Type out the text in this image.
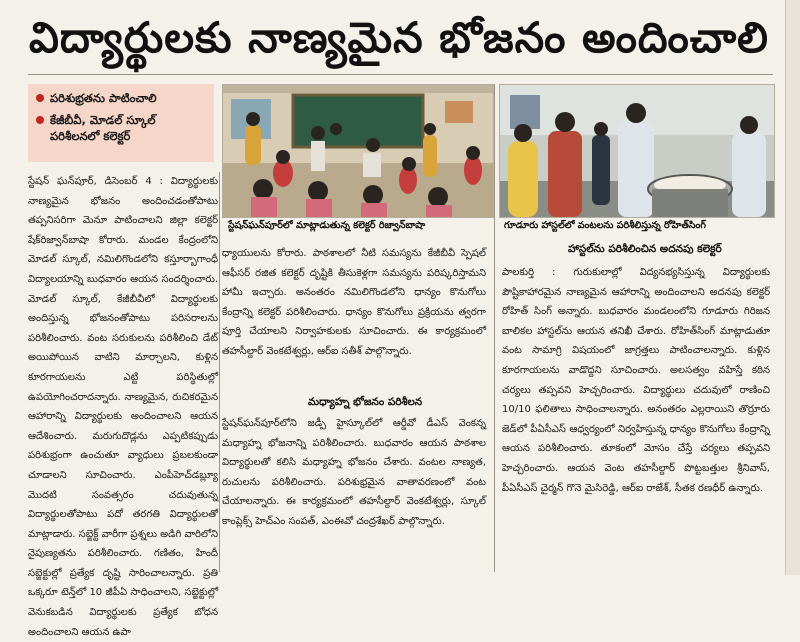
విద్యార్థులకు నాణ్యమైన భోజనం అందించాలి
పరిశుభ్రతను పాటించాలి
కేజీబీవీ, మోడల్ స్కూల్ పరిశీలనలో కలెక్టర్
స్టేషన్‌ఘన్‌పూర్‌లో మాట్లాడుతున్న కలెక్టర్ రిజ్వాన్‌బాషా	గూడూరు హాస్టల్‌లో వంటలను పరిశీలిస్తున్న రోహిత్‌సింగ్

స్టేషన్ ఘన్‌పూర్, డిసెంబర్ 4 : విద్యార్థులకు నాణ్యమైన భోజనం అందించడంతోపాటు తప్పనిసరిగా మెనూ పాటించాలని జిల్లా కలెక్టర్ షేక్‌రిజ్వాన్‌బాషా కోరారు. మండల కేంద్రంలోని మోడల్ స్కూల్, నమిలిగొండలోని కస్తూర్బాగాంధీ విద్యాలయాన్ని బుధవారం ఆయన సందర్శించారు. మోడల్ స్కూల్, కేజీబీవీలో విద్యార్థులకు అందిస్తున్న భోజనంతోపాటు పరిసరాలను పరిశీలించారు. వంట సరుకులను పరిశీలించి డేట్ అయిపోయిన వాటిని మార్చాలని, కుళ్లిన కూరగాయలను ఎట్టి పరిస్థితుల్లో ఉపయోగించరాదన్నారు. నాణ్యమైన, రుచికరమైన ఆహారాన్ని విద్యార్థులకు అందించాలని ఆయన ఆదేశించారు. మరుగుదొడ్లను ఎప్పటికప్పుడు పరిశుభ్రంగా ఉంచుతూ వ్యాధులు ప్రబలకుండా చూడాలని సూచించారు. ఎంపీహెచ్‌డబ్ల్యూ మొదటి సంవత్సరం చదువుతున్న విద్యార్థులతోపాటు పదో తరగతి విద్యార్థులతో మాట్లాడారు. సబ్జెక్ట్ వారీగా ప్రశ్నలు అడిగి వారిలోని నైపుణ్యతను పరిశీలించారు. గణితం, హిందీ సబ్జెక్టుల్లో ప్రత్యేక దృష్టి సారించాలన్నారు. ప్రతి ఒక్కరూ టెన్త్‌లో 10 జీపీఏ సాధించాలని, సబ్జెక్టుల్లో వెనుకబడిన విద్యార్థులకు ప్రత్యేక బోధన అందించాలని ఆయన ఉపా

ధ్యాయులను కోరారు. పాఠశాలలో నీటి సమస్యను కేజీబీవీ స్పెషల్ ఆఫీసర్ రజిత కలెక్టర్ దృష్టికి తీసుకెళ్లగా సమస్యను పరిష్కరిస్తామని హామీ ఇచ్చారు. అనంతరం నమిలిగొండలోని ధాన్యం కొనుగోలు కేంద్రాన్ని కలెక్టర్ పరిశీలించారు. ధాన్యం కొనుగోలు ప్రక్రియను త్వరగా పూర్తి చేయాలని నిర్వాహకులకు సూచించారు. ఈ కార్యక్రమంలో తహసీల్దార్ వెంకటేశ్వర్లు, ఆర్‌ఐ సతీశ్ పాల్గొన్నారు.

మధ్యాహ్న భోజనం పరిశీలన

స్టేషన్‌ఘన్‌పూర్‌లోని జడ్పీ హైస్కూల్‌లో ఆర్డీవో డీఎస్ వెంకన్న మధ్యాహ్న భోజనాన్ని పరిశీలించారు. బుధవారం ఆయన పాఠశాల విద్యార్థులతో కలిసి మధ్యాహ్న భోజనం చేశారు. వంటల నాణ్యత, రుచులను పరిశీలించారు. పరిశుభ్రమైన వాతావరణంలో వంట చేయాలన్నారు. ఈ కార్యక్రమంలో తహసీల్దార్ వెంకటేశ్వర్లు, స్కూల్ కాంప్లెక్స్ హెచ్‌ఎం సంపత్, ఎంఈవో చంద్రశేఖర్ పాల్గొన్నారు.

హాస్టల్‌ను పరిశీలించిన అదనపు కలెక్టర్

పాలకుర్తి : గురుకులాల్లో విద్యనభ్యసిస్తున్న విద్యార్థులకు పౌష్టికాహారమైన నాణ్యమైన ఆహారాన్ని అందించాలని అదనపు కలెక్టర్ రోహిత్ సింగ్ అన్నారు. బుధవారం మండలంలోని గూడూరు గిరిజన బాలికల హాస్టల్‌ను ఆయన తనిఖీ చేశారు. రోహిత్‌సింగ్ మాట్లాడుతూ వంట సామాగ్రి విషయంలో జాగ్రత్తలు పాటించాలన్నారు. కుళ్లిన కూరగాయలను వాడొద్దని సూచించారు. అలసత్వం వహిస్తే కఠిన చర్యలు తప్పవని హెచ్చరించారు. విద్యార్థులు చదువులో రాణించి 10/10 ఫలితాలు సాధించాలన్నారు. అనంతరం ఎల్లరాయిని తొర్రూరు జెడ్‌లో పీఏసీఎస్ ఆధ్వర్యంలో నిర్వహిస్తున్న ధాన్యం కొనుగోలు కేంద్రాన్ని ఆయన పరిశీలించారు. తూకంలో మోసం చేస్తే చర్యలు తప్పవని హెచ్చరించారు. ఆయన వెంట తహసీల్దార్ పొట్టబత్తుల శ్రీనివాస్, పీఏసీఎస్ చైర్మన్ గొనె మైసిరెడ్డి, ఆర్‌ఐ రాజేశ్, సీతక రణధీర్ ఉన్నారు.
